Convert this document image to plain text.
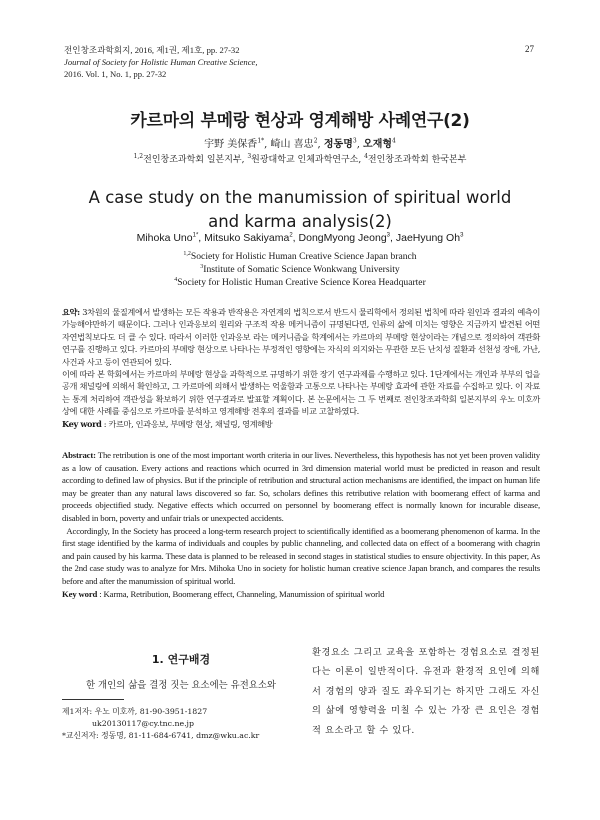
전인창조과학회지, 2016, 제1권, 제1호, pp. 27-32
Journal of Society for Holistic Human Creative Science,
2016. Vol. 1, No. 1, pp. 27-32
27
카르마의 부메랑 현상과 영계해방 사례연구(2)
宇野 美保香$^{1*}$, 崎山 喜忠$^2$, 정동명$^3$, 오재형$^4$
$^{1,2}$전인창조과학회 일본지부, $^3$원광대학교 인체과학연구소, $^4$전인창조과학회 한국본부
A case study on the manumission of spiritual world
and karma analysis(2)
Mihoka Uno$^{1*}$, Mitsuko Sakiyama$^2$, DongMyong Jeong$^3$, JaeHyung Oh$^3$
$^{1,2}$Society for Holistic Human Creative Science Japan branch
$^3$Institute of Somatic Science Wonkwang University
$^4$Society for Holistic Human Creative Science Korea Headquarter

요약: 3차원의 물질계에서 발생하는 모든 작용과 반작용은 자연계의 법칙으로서 반드시 물리학에서 정의된 법칙에 따라 원인과 결과의 예측이 가능해야만하기 때문이다. 그러나 인과응보의 원리와 구조적 작용 메커니즘이 규명된다면, 인류의 삶에 미치는 영향은 지금까지 발견된 어떤 자연법칙보다도 더 클 수 있다. 따라서 이러한 인과응보 라는 메커니즘을 학계에서는 카르마의 부메랑 현상이라는 개념으로 정의하여 객관화 연구를 진행하고 있다. 카르마의 부메랑 현상으로 나타나는 부정적인 영향에는 자식의 의지와는 무관한 모든 난치성 질환과 선천성 장애, 가난, 사건과 사고 등이 연관되어 있다.

이에 따라 본 학회에서는 카르마의 부메랑 현상을 과학적으로 규명하기 위한 장기 연구과제를 수행하고 있다. 1단계에서는 개인과 부부의 업을 공개 채널링에 의해서 확인하고, 그 카르마에 의해서 발생하는 억울함과 고통으로 나타나는 부메랑 효과에 관한 자료를 수집하고 있다. 이 자료는 통계 처리하여 객관성을 확보하기 위한 연구결과로 발표할 계획이다. 본 논문에서는 그 두 번째로 전인창조과학회 일본지부의 우노 미호까상에 대한 사례를 중심으로 카르마를 분석하고 영계해방 전후의 결과를 비교 고찰하였다.

Key word : 카르마, 인과응보, 부메랑 현상, 채널링, 영계해방

Abstract: The retribution is one of the most important worth criteria in our lives. Nevertheless, this hypothesis has not yet been proven validity as a low of causation. Every actions and reactions which ocurred in 3rd dimension material world must be predicted in reason and result according to defined law of physics. But if the principle of retribution and structural action mechanisms are identified, the impact on human life may be greater than any natural laws discovered so far. So, scholars defines this retributive relation with boomerang effect of karma and proceeds objectified study. Negative effects which occurred on personnel by boomerang effect is normally known for incurable disease, disabled in born, poverty and unfair trials or unexpected accidents.

Accordingly, In the Society has proceed a long-term research project to scientifically identified as a boomerang phenomenon of karma. In the first stage identified by the karma of individuals and couples by public channeling, and collected data on effect of a boomerang with chagrin and pain caused by his karma. These data is planned to be released in second stages in statistical studies to ensure objectivity. In this paper, As the 2nd case study was to analyze for Mrs. Mihoka Uno in society for holistic human creative science Japan branch, and compares the results before and after the manumission of spiritual world.

Key word : Karma, Retribution, Boomerang effect, Channeling, Manumission of spiritual world

1. 연구배경
한 개인의 삶을 결정 짓는 요소에는 유전요소와
제1저자: 우노 미호까, 81-90-3951-1827
uk20130117@cy.tnc.ne.jp
*교신저자: 정동명, 81-11-684-6741, dmz@wku.ac.kr
환경요소 그리고 교육을 포함하는 경험요소로 결정된다는 이론이 일반적이다. 유전과 환경적 요인에 의해서 경험의 양과 질도 좌우되기는 하지만 그래도 자신의 삶에 영향력을 미칠 수 있는 가장 큰 요인은 경험적 요소라고 할 수 있다.
